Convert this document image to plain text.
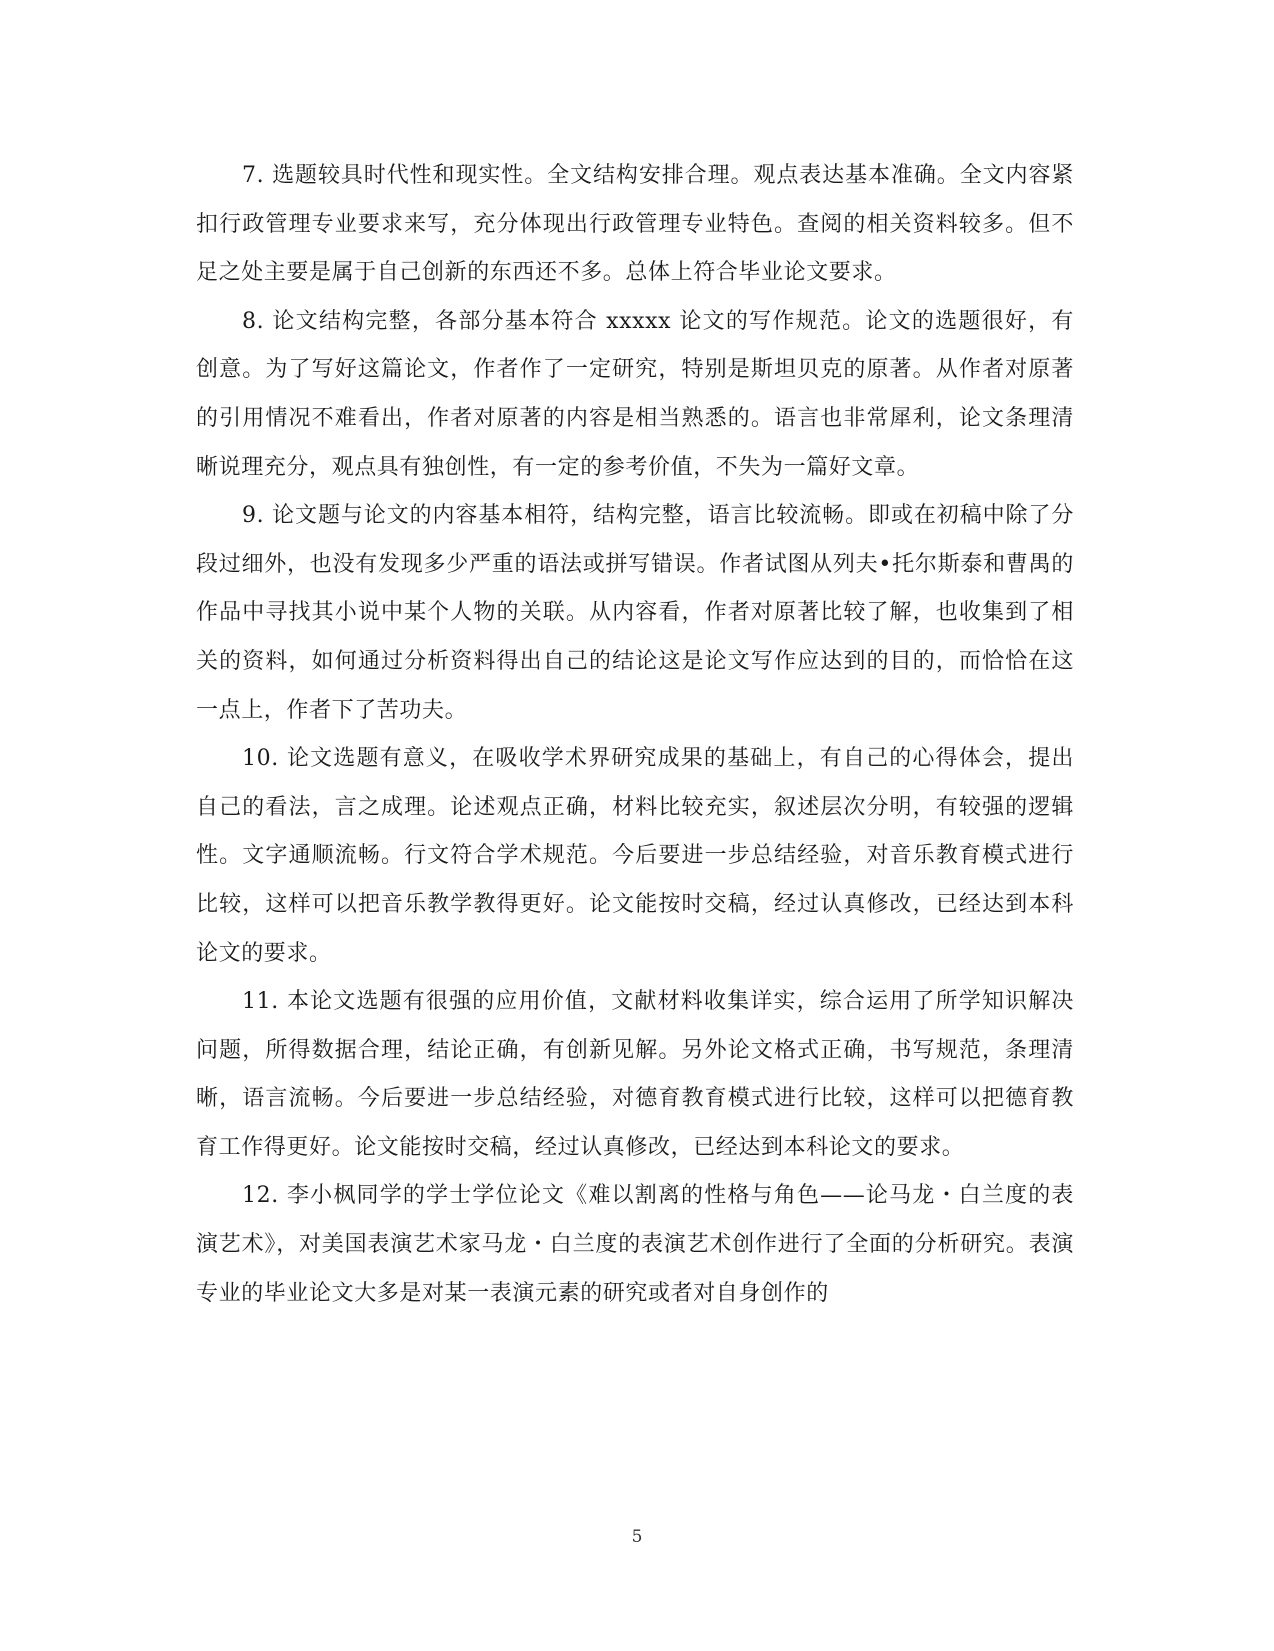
7. 选题较具时代性和现实性。全文结构安排合理。观点表达基本准确。全文内容紧扣行政管理专业要求来写，充分体现出行政管理专业特色。查阅的相关资料较多。但不足之处主要是属于自己创新的东西还不多。总体上符合毕业论文要求。

8. 论文结构完整，各部分基本符合 xxxxx 论文的写作规范。论文的选题很好，有创意。为了写好这篇论文，作者作了一定研究，特别是斯坦贝克的原著。从作者对原著的引用情况不难看出，作者对原著的内容是相当熟悉的。语言也非常犀利，论文条理清晰说理充分，观点具有独创性，有一定的参考价值，不失为一篇好文章。

9. 论文题与论文的内容基本相符，结构完整，语言比较流畅。即或在初稿中除了分段过细外，也没有发现多少严重的语法或拼写错误。作者试图从列夫•托尔斯泰和曹禺的作品中寻找其小说中某个人物的关联。从内容看，作者对原著比较了解，也收集到了相关的资料，如何通过分析资料得出自己的结论这是论文写作应达到的目的，而恰恰在这一点上，作者下了苦功夫。

10. 论文选题有意义，在吸收学术界研究成果的基础上，有自己的心得体会，提出自己的看法，言之成理。论述观点正确，材料比较充实，叙述层次分明，有较强的逻辑性。文字通顺流畅。行文符合学术规范。今后要进一步总结经验，对音乐教育模式进行比较，这样可以把音乐教学教得更好。论文能按时交稿，经过认真修改，已经达到本科论文的要求。

11. 本论文选题有很强的应用价值，文献材料收集详实，综合运用了所学知识解决问题，所得数据合理，结论正确，有创新见解。另外论文格式正确，书写规范，条理清晰，语言流畅。今后要进一步总结经验，对德育教育模式进行比较，这样可以把德育教育工作得更好。论文能按时交稿，经过认真修改，已经达到本科论文的要求。

12. 李小枫同学的学士学位论文《难以割离的性格与角色——论马龙・白兰度的表演艺术》，对美国表演艺术家马龙・白兰度的表演艺术创作进行了全面的分析研究。表演专业的毕业论文大多是对某一表演元素的研究或者对自身创作的

5
